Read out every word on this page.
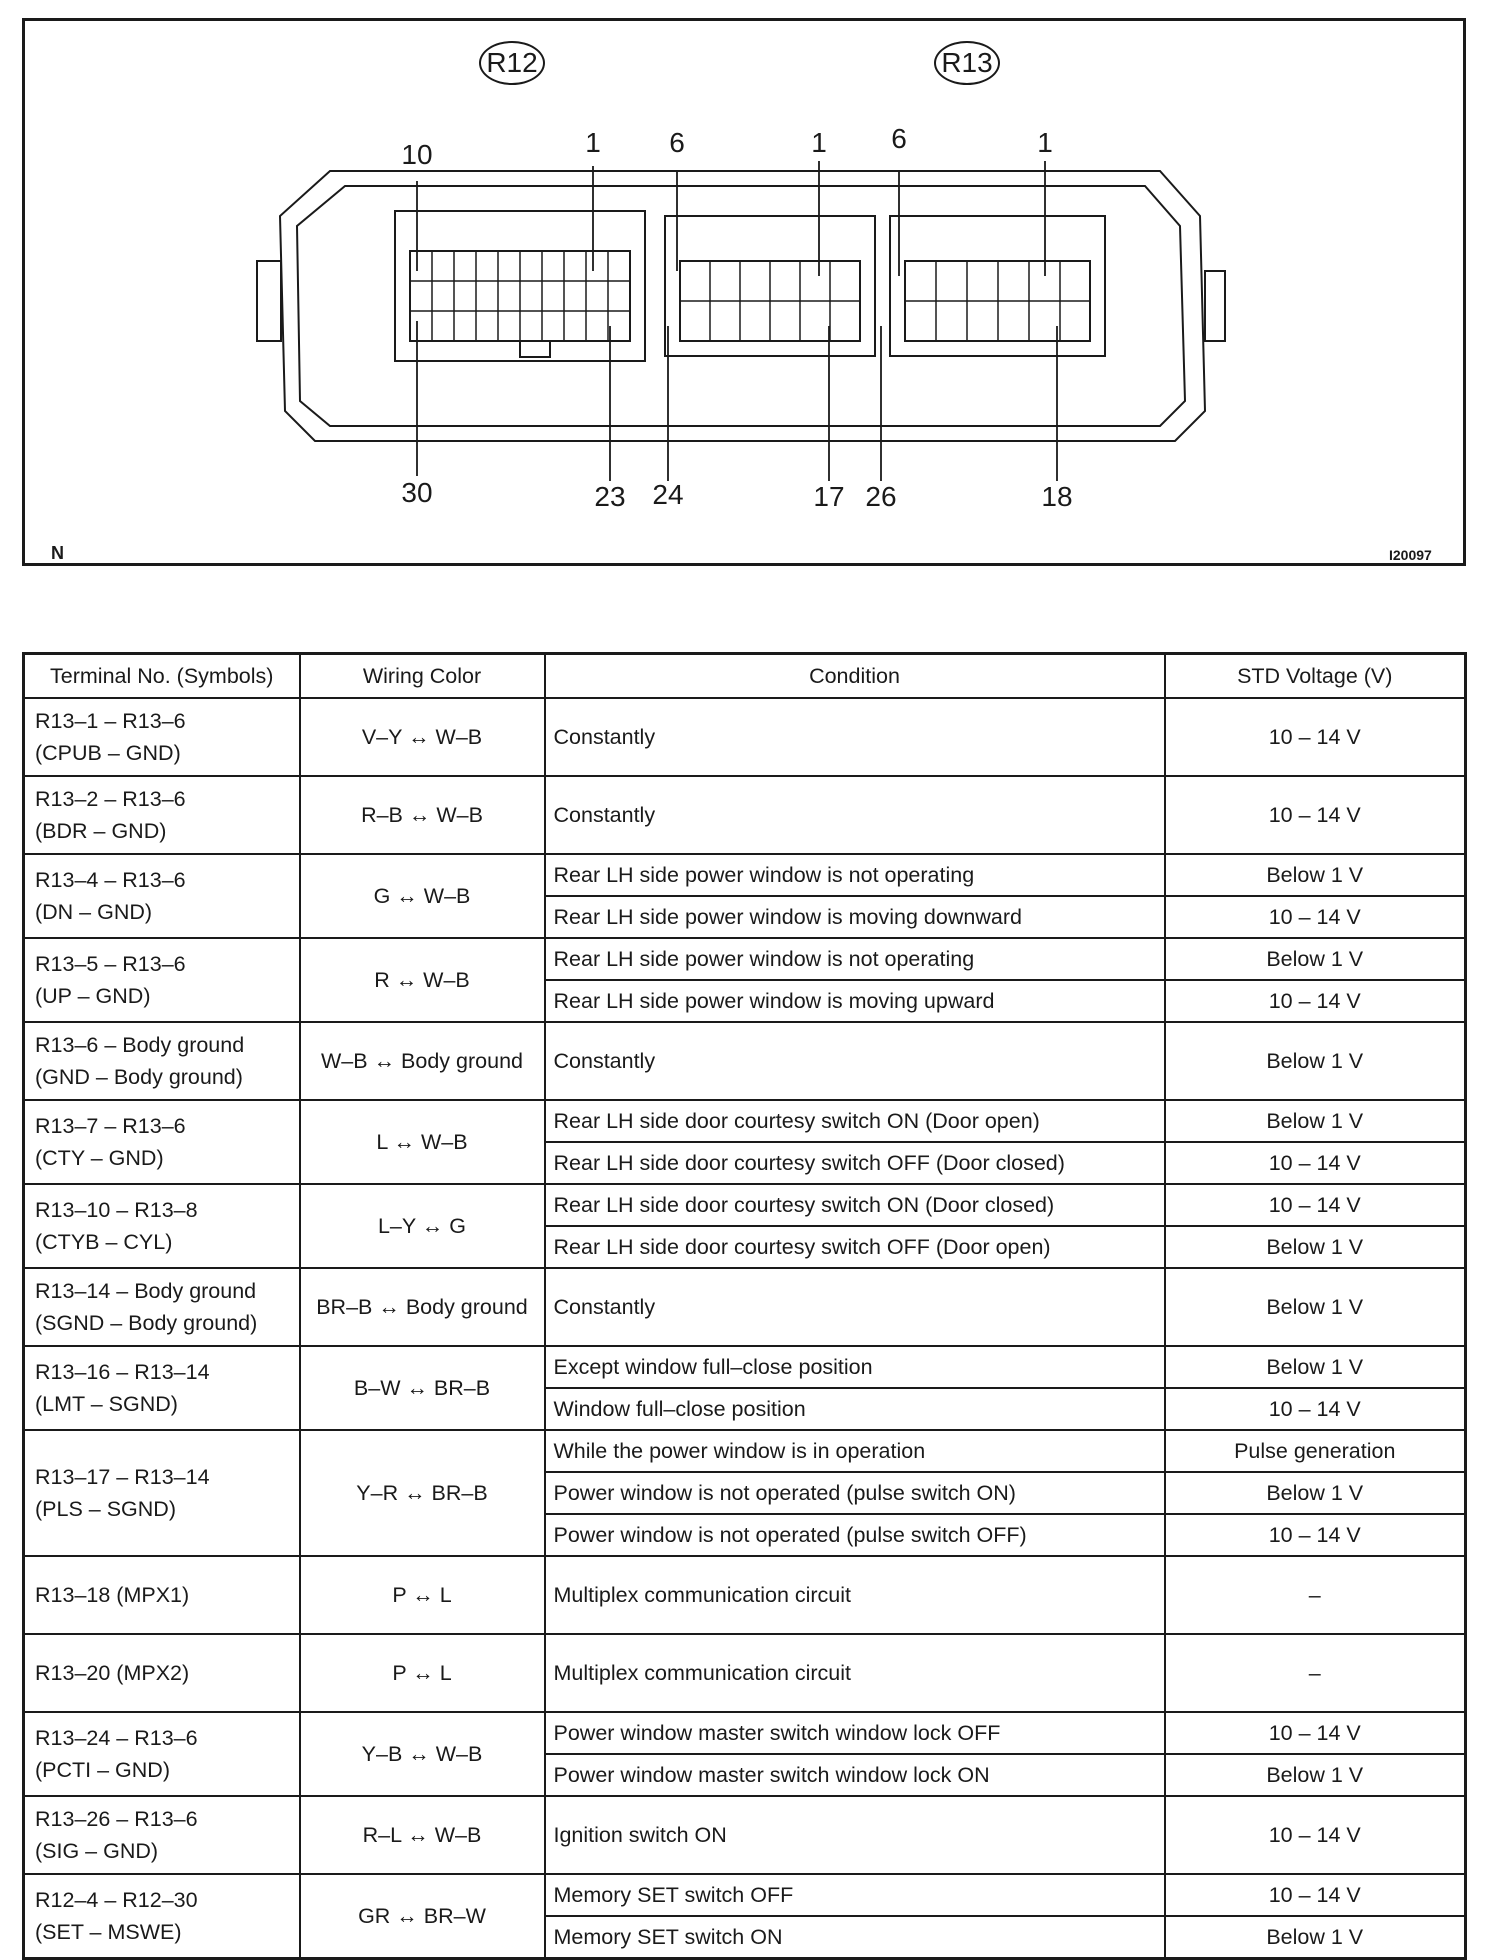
R12	R13
10	1 6	1 6	1
30	23 24	17 26	18
N	I20097
Terminal No. (Symbols)	Wiring Color	Condition	STD Voltage (V)

R13–1 – R13–6
(CPUB – GND)	V–Y ↔ W–B	Constantly	10 – 14 V

R13–2 – R13–6
(BDR – GND)	R–B ↔ W–B	Constantly	10 – 14 V

R13–4 – R13–6
(DN – GND)	G ↔ W–B	Rear LH side power window is not operating	Below 1 V
		Rear LH side power window is moving downward	10 – 14 V

R13–5 – R13–6
(UP – GND)	R ↔ W–B	Rear LH side power window is not operating	Below 1 V
		Rear LH side power window is moving upward	10 – 14 V

R13–6 – Body ground
(GND – Body ground)	W–B ↔ Body ground	Constantly	Below 1 V

R13–7 – R13–6
(CTY – GND)	L ↔ W–B	Rear LH side door courtesy switch ON (Door open)	Below 1 V
		Rear LH side door courtesy switch OFF (Door closed)	10 – 14 V

R13–10 – R13–8
(CTYB – CYL)	L–Y ↔ G	Rear LH side door courtesy switch ON (Door closed)	10 – 14 V
		Rear LH side door courtesy switch OFF (Door open)	Below 1 V

R13–14 – Body ground
(SGND – Body ground)	BR–B ↔ Body ground	Constantly	Below 1 V

R13–16 – R13–14
(LMT – SGND)	B–W ↔ BR–B	Except window full–close position	Below 1 V
		Window full–close position	10 – 14 V

R13–17 – R13–14
(PLS – SGND)	Y–R ↔ BR–B	While the power window is in operation	Pulse generation
		Power window is not operated (pulse switch ON)	Below 1 V
		Power window is not operated (pulse switch OFF)	10 – 14 V

R13–18 (MPX1)	P ↔ L	Multiplex communication circuit	–

R13–20 (MPX2)	P ↔ L	Multiplex communication circuit	–

R13–24 – R13–6
(PCTI – GND)	Y–B ↔ W–B	Power window master switch window lock OFF	10 – 14 V
		Power window master switch window lock ON	Below 1 V

R13–26 – R13–6
(SIG – GND)	R–L ↔ W–B	Ignition switch ON	10 – 14 V

R12–4 – R12–30
(SET – MSWE)	GR ↔ BR–W	Memory SET switch OFF	10 – 14 V
		Memory SET switch ON	Below 1 V
